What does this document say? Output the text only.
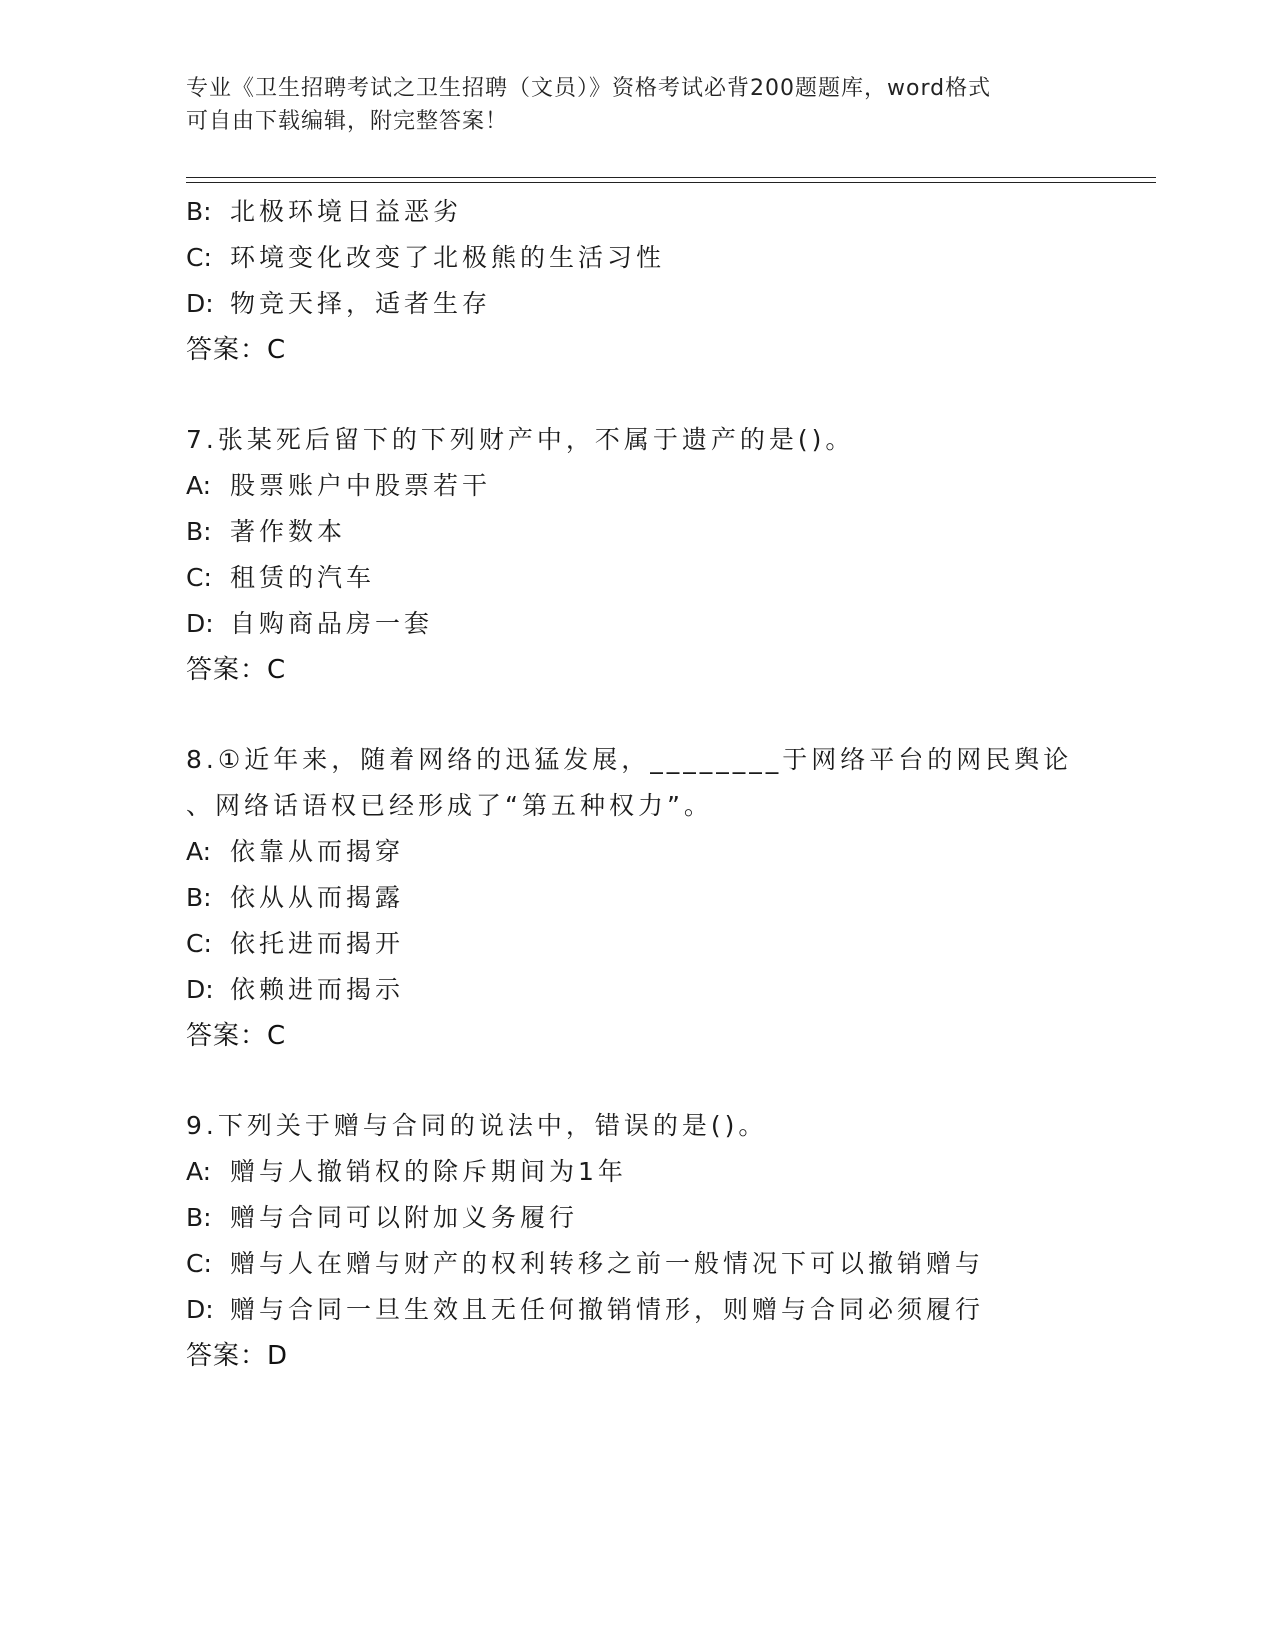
专业《卫生招聘考试之卫生招聘（文员）》资格考试必背200题题库，word格式
可自由下载编辑，附完整答案！
B: 北极环境日益恶劣
C: 环境变化改变了北极熊的生活习性
D: 物竞天择，适者生存
答案：C
7.张某死后留下的下列财产中，不属于遗产的是()。
A: 股票账户中股票若干
B: 著作数本
C: 租赁的汽车
D: 自购商品房一套
答案：C
8.①近年来，随着网络的迅猛发展，________于网络平台的网民舆论
、网络话语权已经形成了“第五种权力”。
A: 依靠从而揭穿
B: 依从从而揭露
C: 依托进而揭开
D: 依赖进而揭示
答案：C
9.下列关于赠与合同的说法中，错误的是()。
A: 赠与人撤销权的除斥期间为1年
B: 赠与合同可以附加义务履行
C: 赠与人在赠与财产的权利转移之前一般情况下可以撤销赠与
D: 赠与合同一旦生效且无任何撤销情形，则赠与合同必须履行
答案：D
